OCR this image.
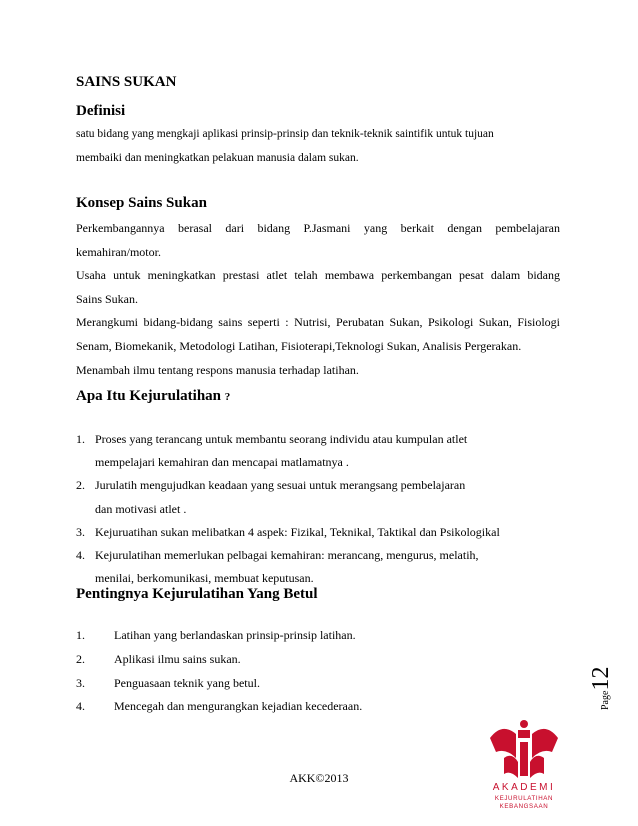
SAINS SUKAN
Definisi
satu bidang yang mengkaji aplikasi prinsip-prinsip dan teknik-teknik saintifik untuk tujuan
membaiki dan meningkatkan pelakuan manusia dalam sukan.
Konsep Sains Sukan

Perkembangannya berasal dari bidang P.Jasmani yang berkait dengan pembelajaran

kemahiran/motor.

Usaha untuk meningkatkan prestasi atlet telah membawa perkembangan pesat dalam bidang

Sains Sukan.

Merangkumi bidang-bidang sains seperti : Nutrisi, Perubatan Sukan, Psikologi Sukan, Fisiologi

Senam, Biomekanik, Metodologi Latihan, Fisioterapi,Teknologi Sukan, Analisis Pergerakan.

Menambah ilmu tentang respons manusia terhadap latihan.

Apa Itu Kejurulatihan ?
1. Proses yang terancang untuk membantu seorang individu atau kumpulan atlet
mempelajari kemahiran dan mencapai matlamatnya .
2. Jurulatih mengujudkan keadaan yang sesuai untuk merangsang pembelajaran
dan motivasi atlet .
3. Kejuruatihan sukan melibatkan 4 aspek: Fizikal, Teknikal, Taktikal dan Psikologikal
4. Kejurulatihan memerlukan pelbagai kemahiran: merancang, mengurus, melatih,
menilai, berkomunikasi, membuat keputusan.
Pentingnya Kejurulatihan Yang Betul
1. Latihan yang berlandaskan prinsip-prinsip latihan.
2. Aplikasi ilmu sains sukan.
3. Penguasaan teknik yang betul.
4. Mencegah dan mengurangkan kejadian kecederaan.	Page12
AKADEMI
KEJURULATIHAN
KEBANGSAAN
AKK©2013
